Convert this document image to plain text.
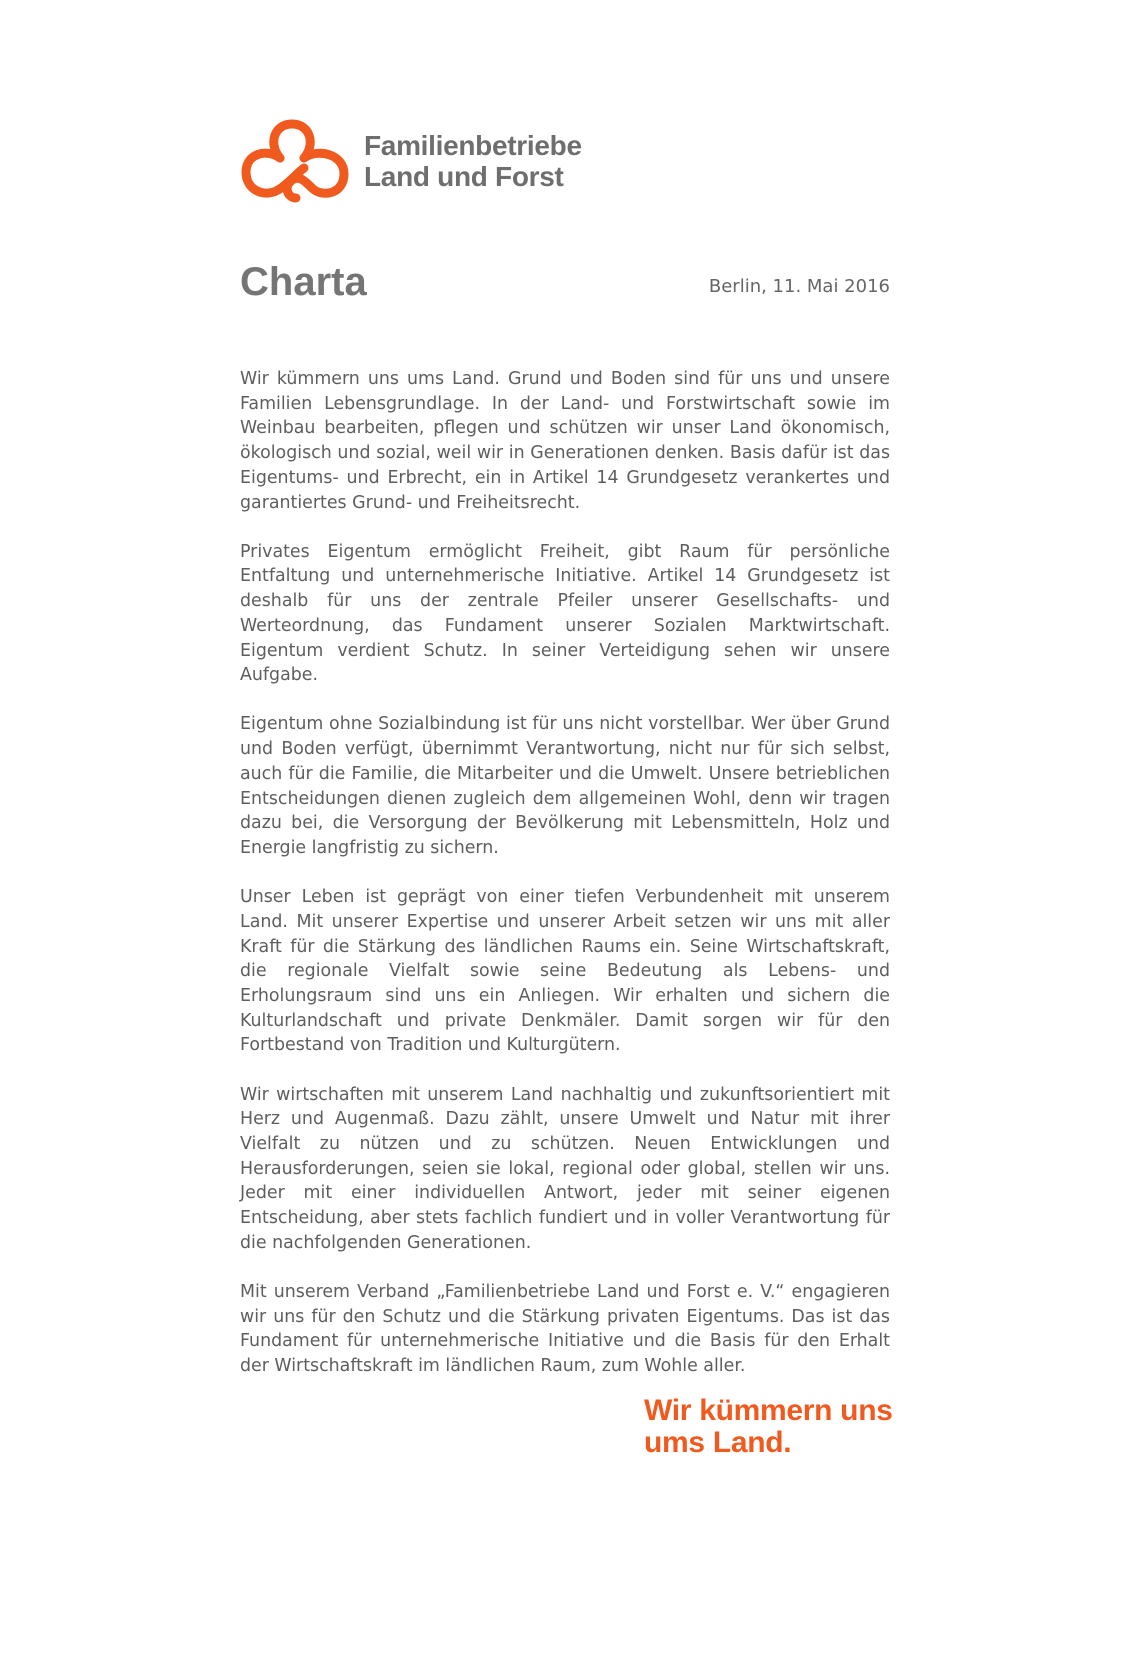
Familienbetriebe
Land und Forst
Charta	Berlin, 11. Mai 2016

Wir kümmern uns ums Land. Grund und Boden sind für uns und unsere Familien Lebensgrundlage. In der Land- und Forstwirtschaft sowie im Weinbau bearbeiten, pflegen und schützen wir unser Land ökonomisch, ökologisch und sozial, weil wir in Generationen denken. Basis dafür ist das Eigentums- und Erbrecht, ein in Artikel 14 Grundgesetz verankertes und garantiertes Grund- und Freiheitsrecht.

Privates Eigentum ermöglicht Freiheit, gibt Raum für persönliche Entfaltung und unternehmerische Initiative. Artikel 14 Grundgesetz ist deshalb für uns der zentrale Pfeiler unserer Gesellschafts- und Werteordnung, das Fundament unserer Sozialen Marktwirtschaft. Eigentum verdient Schutz. In seiner Verteidigung sehen wir unsere Aufgabe.

Eigentum ohne Sozialbindung ist für uns nicht vorstellbar. Wer über Grund und Boden verfügt, übernimmt Verantwortung, nicht nur für sich selbst, auch für die Familie, die Mitarbeiter und die Umwelt. Unsere betrieblichen Entscheidungen dienen zugleich dem allgemeinen Wohl, denn wir tragen dazu bei, die Versorgung der Bevölkerung mit Lebensmitteln, Holz und Energie langfristig zu sichern.

Unser Leben ist geprägt von einer tiefen Verbundenheit mit unserem Land. Mit unserer Expertise und unserer Arbeit setzen wir uns mit aller Kraft für die Stärkung des ländlichen Raums ein. Seine Wirtschaftskraft, die regionale Vielfalt sowie seine Bedeutung als Lebens- und Erholungsraum sind uns ein Anliegen. Wir erhalten und sichern die Kulturlandschaft und private Denkmäler. Damit sorgen wir für den Fortbestand von Tradition und Kulturgütern.

Wir wirtschaften mit unserem Land nachhaltig und zukunftsorientiert mit Herz und Augenmaß. Dazu zählt, unsere Umwelt und Natur mit ihrer Vielfalt zu nützen und zu schützen. Neuen Entwicklungen und Herausforderungen, seien sie lokal, regional oder global, stellen wir uns. Jeder mit einer individuellen Antwort, jeder mit seiner eigenen Entscheidung, aber stets fachlich fundiert und in voller Verantwortung für die nachfolgenden Generationen.

Mit unserem Verband „Familienbetriebe Land und Forst e. V.“ engagieren wir uns für den Schutz und die Stärkung privaten Eigentums. Das ist das Fundament für unternehmerische Initiative und die Basis für den Erhalt der Wirtschaftskraft im ländlichen Raum, zum Wohle aller.

Wir kümmern uns
ums Land.
